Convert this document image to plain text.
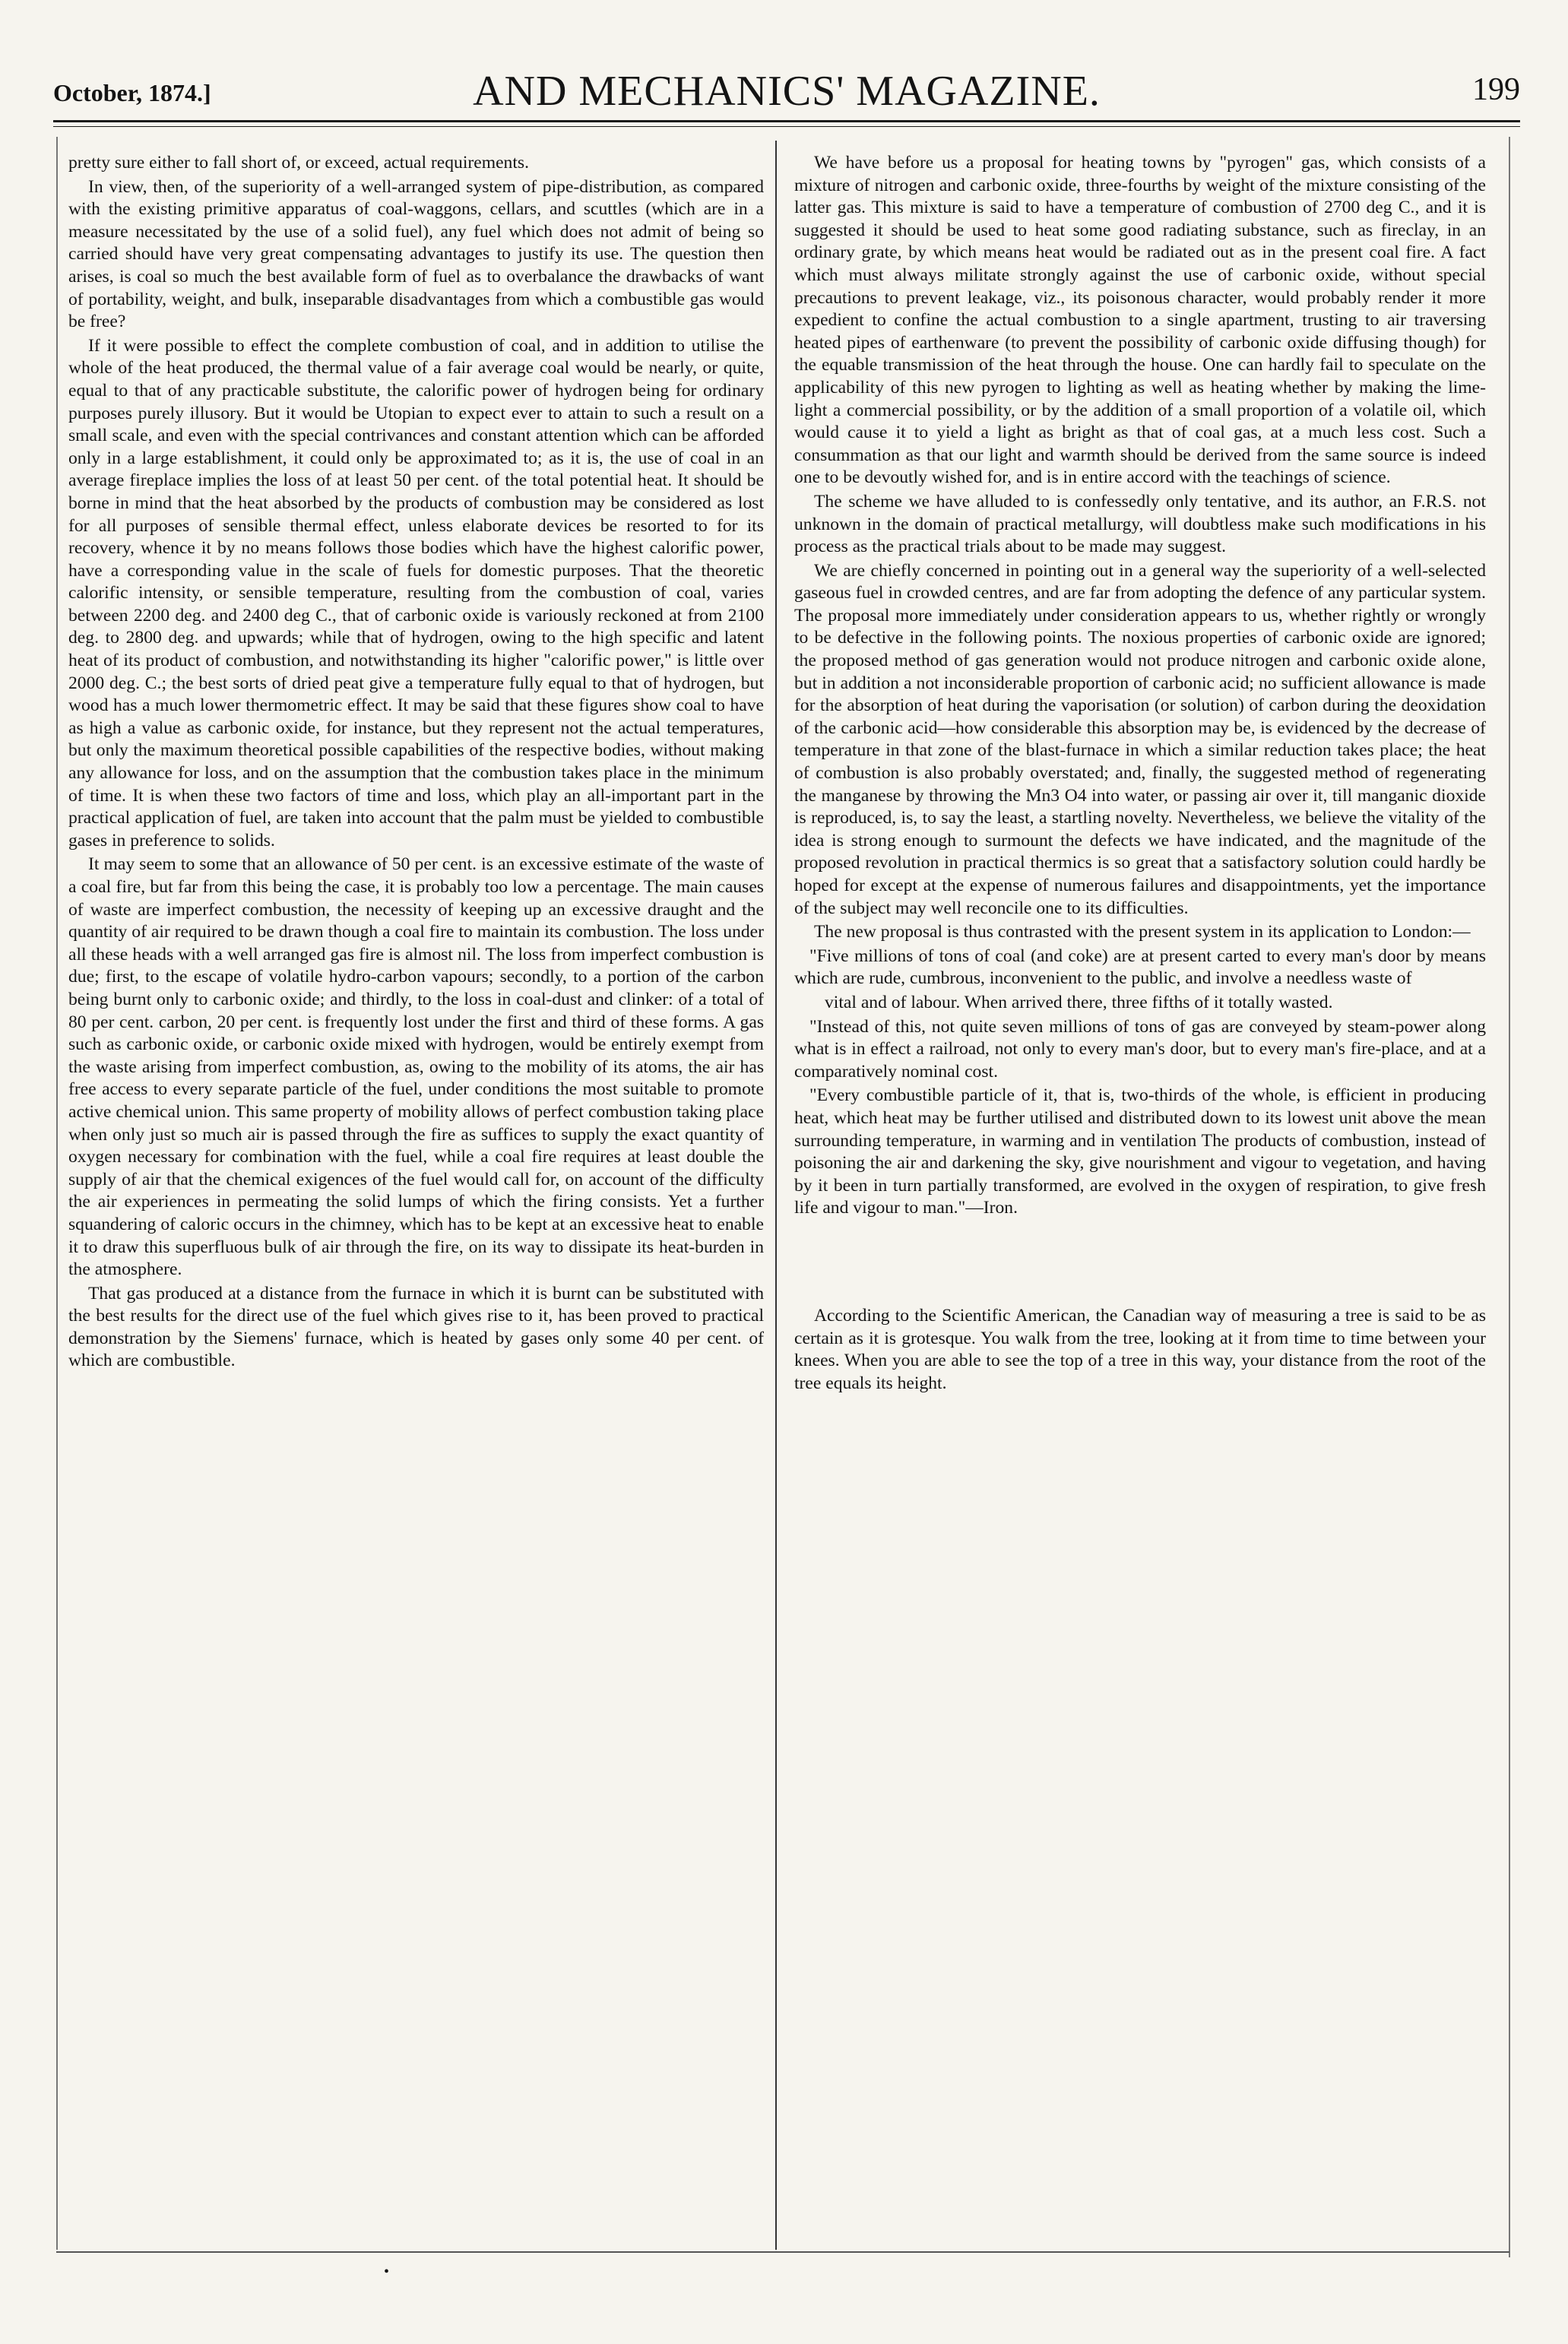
October, 1874.]	AND MECHANICS' MAGAZINE.	199

pretty sure either to fall short of, or exceed, actual requirements.

In view, then, of the superiority of a well-arranged system of pipe-distribution, as compared with the existing primitive apparatus of coal-waggons, cellars, and scuttles (which are in a measure necessitated by the use of a solid fuel), any fuel which does not admit of being so carried should have very great compensating advantages to justify its use. The question then arises, is coal so much the best available form of fuel as to overbalance the drawbacks of want of portability, weight, and bulk, inseparable disadvantages from which a combustible gas would be free?

If it were possible to effect the complete combustion of coal, and in addition to utilise the whole of the heat produced, the thermal value of a fair average coal would be nearly, or quite, equal to that of any practicable substitute, the calorific power of hydrogen being for ordinary purposes purely illusory. But it would be Utopian to expect ever to attain to such a result on a small scale, and even with the special contrivances and constant attention which can be afforded only in a large establishment, it could only be approximated to; as it is, the use of coal in an average fireplace implies the loss of at least 50 per cent. of the total potential heat. It should be borne in mind that the heat absorbed by the products of combustion may be considered as lost for all purposes of sensible thermal effect, unless elaborate devices be resorted to for its recovery, whence it by no means follows those bodies which have the highest calorific power, have a corresponding value in the scale of fuels for domestic purposes. That the theoretic calorific intensity, or sensible temperature, resulting from the combustion of coal, varies between 2200 deg. and 2400 deg C., that of carbonic oxide is variously reckoned at from 2100 deg. to 2800 deg. and upwards; while that of hydrogen, owing to the high specific and latent heat of its product of combustion, and notwithstanding its higher "calorific power," is little over 2000 deg. C.; the best sorts of dried peat give a temperature fully equal to that of hydrogen, but wood has a much lower thermometric effect. It may be said that these figures show coal to have as high a value as carbonic oxide, for instance, but they represent not the actual temperatures, but only the maximum theoretical possible capabilities of the respective bodies, without making any allowance for loss, and on the assumption that the combustion takes place in the minimum of time. It is when these two factors of time and loss, which play an all-important part in the practical application of fuel, are taken into account that the palm must be yielded to combustible gases in preference to solids.

It may seem to some that an allowance of 50 per cent. is an excessive estimate of the waste of a coal fire, but far from this being the case, it is probably too low a percentage. The main causes of waste are imperfect combustion, the necessity of keeping up an excessive draught and the quantity of air required to be drawn though a coal fire to maintain its combustion. The loss under all these heads with a well arranged gas fire is almost nil. The loss from imperfect combustion is due; first, to the escape of volatile hydro-carbon vapours; secondly, to a portion of the carbon being burnt only to carbonic oxide; and thirdly, to the loss in coal-dust and clinker: of a total of 80 per cent. carbon, 20 per cent. is frequently lost under the first and third of these forms. A gas such as carbonic oxide, or carbonic oxide mixed with hydrogen, would be entirely exempt from the waste arising from imperfect combustion, as, owing to the mobility of its atoms, the air has free access to every separate particle of the fuel, under conditions the most suitable to promote active chemical union. This same property of mobility allows of perfect combustion taking place when only just so much air is passed through the fire as suffices to supply the exact quantity of oxygen necessary for combination with the fuel, while a coal fire requires at least double the supply of air that the chemical exigences of the fuel would call for, on account of the difficulty the air experiences in permeating the solid lumps of which the firing consists. Yet a further squandering of caloric occurs in the chimney, which has to be kept at an excessive heat to enable it to draw this superfluous bulk of air through the fire, on its way to dissipate its heat-burden in the atmosphere.

That gas produced at a distance from the furnace in which it is burnt can be substituted with the best results for the direct use of the fuel which gives rise to it, has been proved to practical demonstration by the Siemens' furnace, which is heated by gases only some 40 per cent. of which are combustible.

We have before us a proposal for heating towns by "pyrogen" gas, which consists of a mixture of nitrogen and carbonic oxide, three-fourths by weight of the mixture consisting of the latter gas. This mixture is said to have a temperature of combustion of 2700 deg C., and it is suggested it should be used to heat some good radiating substance, such as fireclay, in an ordinary grate, by which means heat would be radiated out as in the present coal fire. A fact which must always militate strongly against the use of carbonic oxide, without special precautions to prevent leakage, viz., its poisonous character, would probably render it more expedient to confine the actual combustion to a single apartment, trusting to air traversing heated pipes of earthenware (to prevent the possibility of carbonic oxide diffusing though) for the equable transmission of the heat through the house. One can hardly fail to speculate on the applicability of this new pyrogen to lighting as well as heating whether by making the lime-light a commercial possibility, or by the addition of a small proportion of a volatile oil, which would cause it to yield a light as bright as that of coal gas, at a much less cost. Such a consummation as that our light and warmth should be derived from the same source is indeed one to be devoutly wished for, and is in entire accord with the teachings of science.

The scheme we have alluded to is confessedly only tentative, and its author, an F.R.S. not unknown in the domain of practical metallurgy, will doubtless make such modifications in his process as the practical trials about to be made may suggest.

We are chiefly concerned in pointing out in a general way the superiority of a well-selected gaseous fuel in crowded centres, and are far from adopting the defence of any particular system. The proposal more immediately under consideration appears to us, whether rightly or wrongly to be defective in the following points. The noxious properties of carbonic oxide are ignored; the proposed method of gas generation would not produce nitrogen and carbonic oxide alone, but in addition a not inconsiderable proportion of carbonic acid; no sufficient allowance is made for the absorption of heat during the vaporisation (or solution) of carbon during the deoxidation of the carbonic acid—how considerable this absorption may be, is evidenced by the decrease of temperature in that zone of the blast-furnace in which a similar reduction takes place; the heat of combustion is also probably overstated; and, finally, the suggested method of regenerating the manganese by throwing the Mn3 O4 into water, or passing air over it, till manganic dioxide is reproduced, is, to say the least, a startling novelty. Nevertheless, we believe the vitality of the idea is strong enough to surmount the defects we have indicated, and the magnitude of the proposed revolution in practical thermics is so great that a satisfactory solution could hardly be hoped for except at the expense of numerous failures and disappointments, yet the importance of the subject may well reconcile one to its difficulties.

The new proposal is thus contrasted with the present system in its application to London:—

"Five millions of tons of coal (and coke) are at present carted to every man's door by means which are rude, cumbrous, inconvenient to the public, and involve a needless waste of

vital and of labour. When arrived there, three fifths of it totally wasted.

"Instead of this, not quite seven millions of tons of gas are conveyed by steam-power along what is in effect a railroad, not only to every man's door, but to every man's fire-place, and at a comparatively nominal cost.

"Every combustible particle of it, that is, two-thirds of the whole, is efficient in producing heat, which heat may be further utilised and distributed down to its lowest unit above the mean surrounding temperature, in warming and in ventilation The products of combustion, instead of poisoning the air and darkening the sky, give nourishment and vigour to vegetation, and having by it been in turn partially transformed, are evolved in the oxygen of respiration, to give fresh life and vigour to man."—Iron.

According to the Scientific American, the Canadian way of measuring a tree is said to be as certain as it is grotesque. You walk from the tree, looking at it from time to time between your knees. When you are able to see the top of a tree in this way, your distance from the root of the tree equals its height.

•
